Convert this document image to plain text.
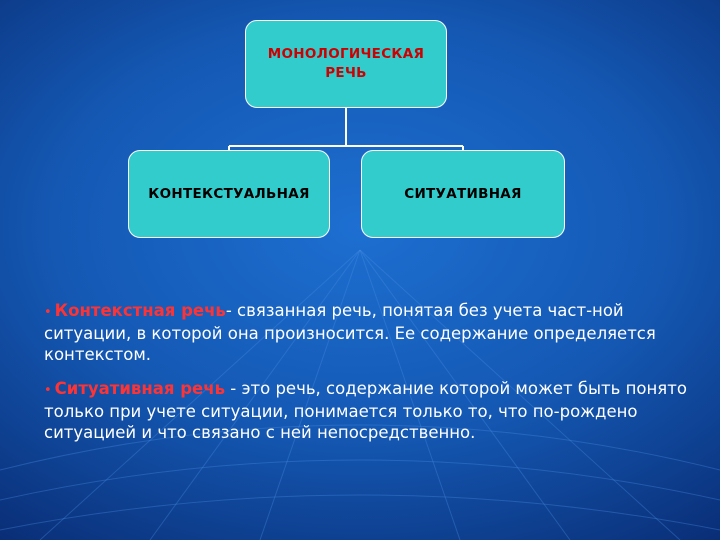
МОНОЛОГИЧЕСКАЯ
РЕЧЬ
КОНТЕКСТУАЛЬНАЯ	СИТУАТИВНАЯ
• Контекстная речь- связанная речь, понятая без учета част-ной ситуации, в которой она произносится. Ее содержание определяется контекстом.
• Ситуативная речь - это речь, содержание которой может быть понято только при учете ситуации, понимается только то, что по-рождено ситуацией и что связано с ней непосредственно.
